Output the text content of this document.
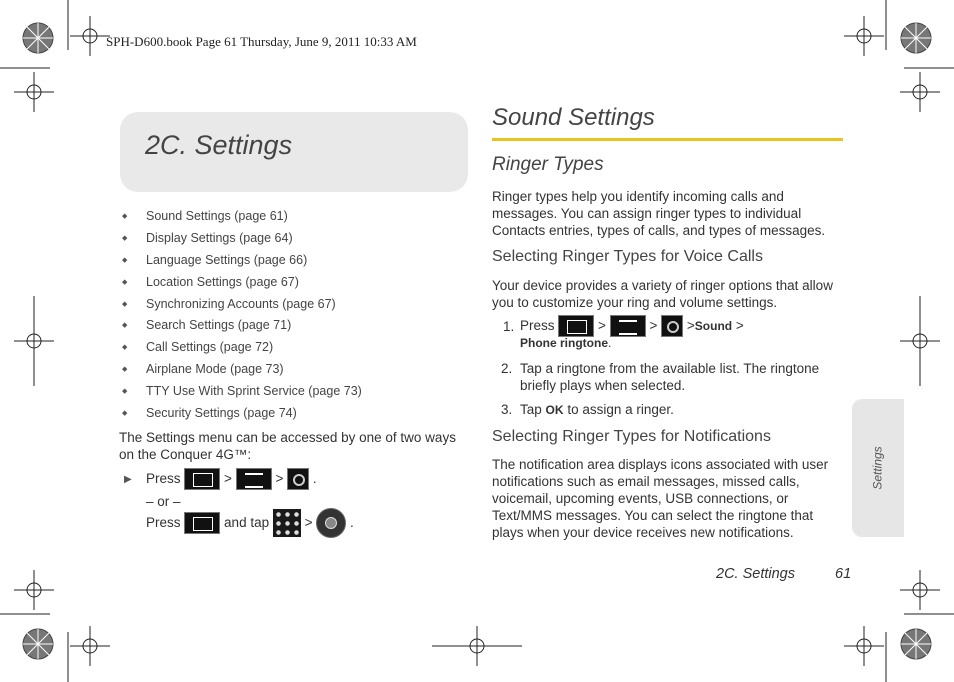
SPH-D600.book Page 61 Thursday, June 9, 2011 10:33 AM
2C. Settings
◆ Sound Settings (page 61)
◆ Display Settings (page 64)
◆ Language Settings (page 66)
◆ Location Settings (page 67)
◆ Synchronizing Accounts (page 67)
◆ Search Settings (page 71)
◆ Call Settings (page 72)
◆ Airplane Mode (page 73)
◆ TTY Use With Sprint Service (page 73)
◆ Security Settings (page 74)
The Settings menu can be accessed by one of two ways on the Conquer 4G™:
▶ Press	>	> .
– or –
Press	and tap	>	.
Sound Settings
Ringer Types
Ringer types help you identify incoming calls and messages. You can assign ringer types to individual Contacts entries, types of calls, and types of messages.
Selecting Ringer Types for Voice Calls
Your device provides a variety of ringer options that allow you to customize your ring and volume settings.
1. Press	>	> >Sound >
Phone ringtone.
2. Tap a ringtone from the available list. The ringtone briefly plays when selected.
3. Tap OK to assign a ringer.
Selecting Ringer Types for Notifications
The notification area displays icons associated with user notifications such as email messages, missed calls, voicemail, upcoming events, USB connections, or Text/MMS messages. You can select the ringtone that plays when your device receives new notifications.
Settings
2C. Settings	61
